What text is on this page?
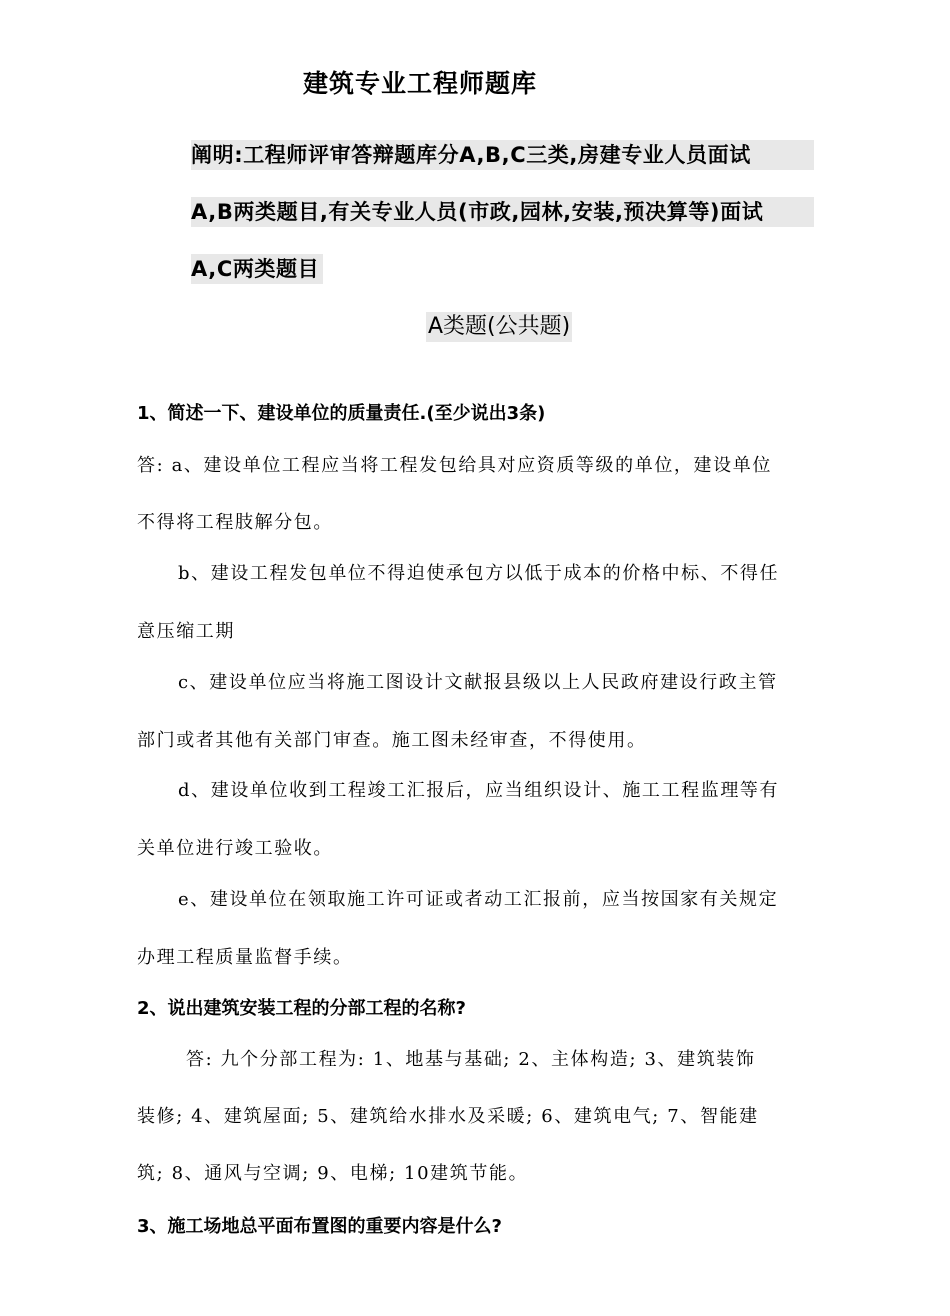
建筑专业工程师题库
阐明:工程师评审答辩题库分A,B,C三类,房建专业人员面试
A,B两类题目,有关专业人员(市政,园林,安装,预决算等)面试
A,C两类题目
A类题(公共题)
1、简述一下、建设单位的质量责任.(至少说出3条)
答: a、建设单位工程应当将工程发包给具对应资质等级的单位，建设单位
不得将工程肢解分包。
b、建设工程发包单位不得迫使承包方以低于成本的价格中标、不得任
意压缩工期
c、建设单位应当将施工图设计文献报县级以上人民政府建设行政主管
部门或者其他有关部门审查。施工图未经审查，不得使用。
d、建设单位收到工程竣工汇报后，应当组织设计、施工工程监理等有
关单位进行竣工验收。
e、建设单位在领取施工许可证或者动工汇报前，应当按国家有关规定
办理工程质量监督手续。
2、说出建筑安装工程的分部工程的名称?
答: 九个分部工程为: 1、地基与基础; 2、主体构造; 3、建筑装饰
装修; 4、建筑屋面; 5、建筑给水排水及采暖; 6、建筑电气; 7、智能建
筑; 8、通风与空调; 9、电梯; 10建筑节能。
3、施工场地总平面布置图的重要内容是什么?
